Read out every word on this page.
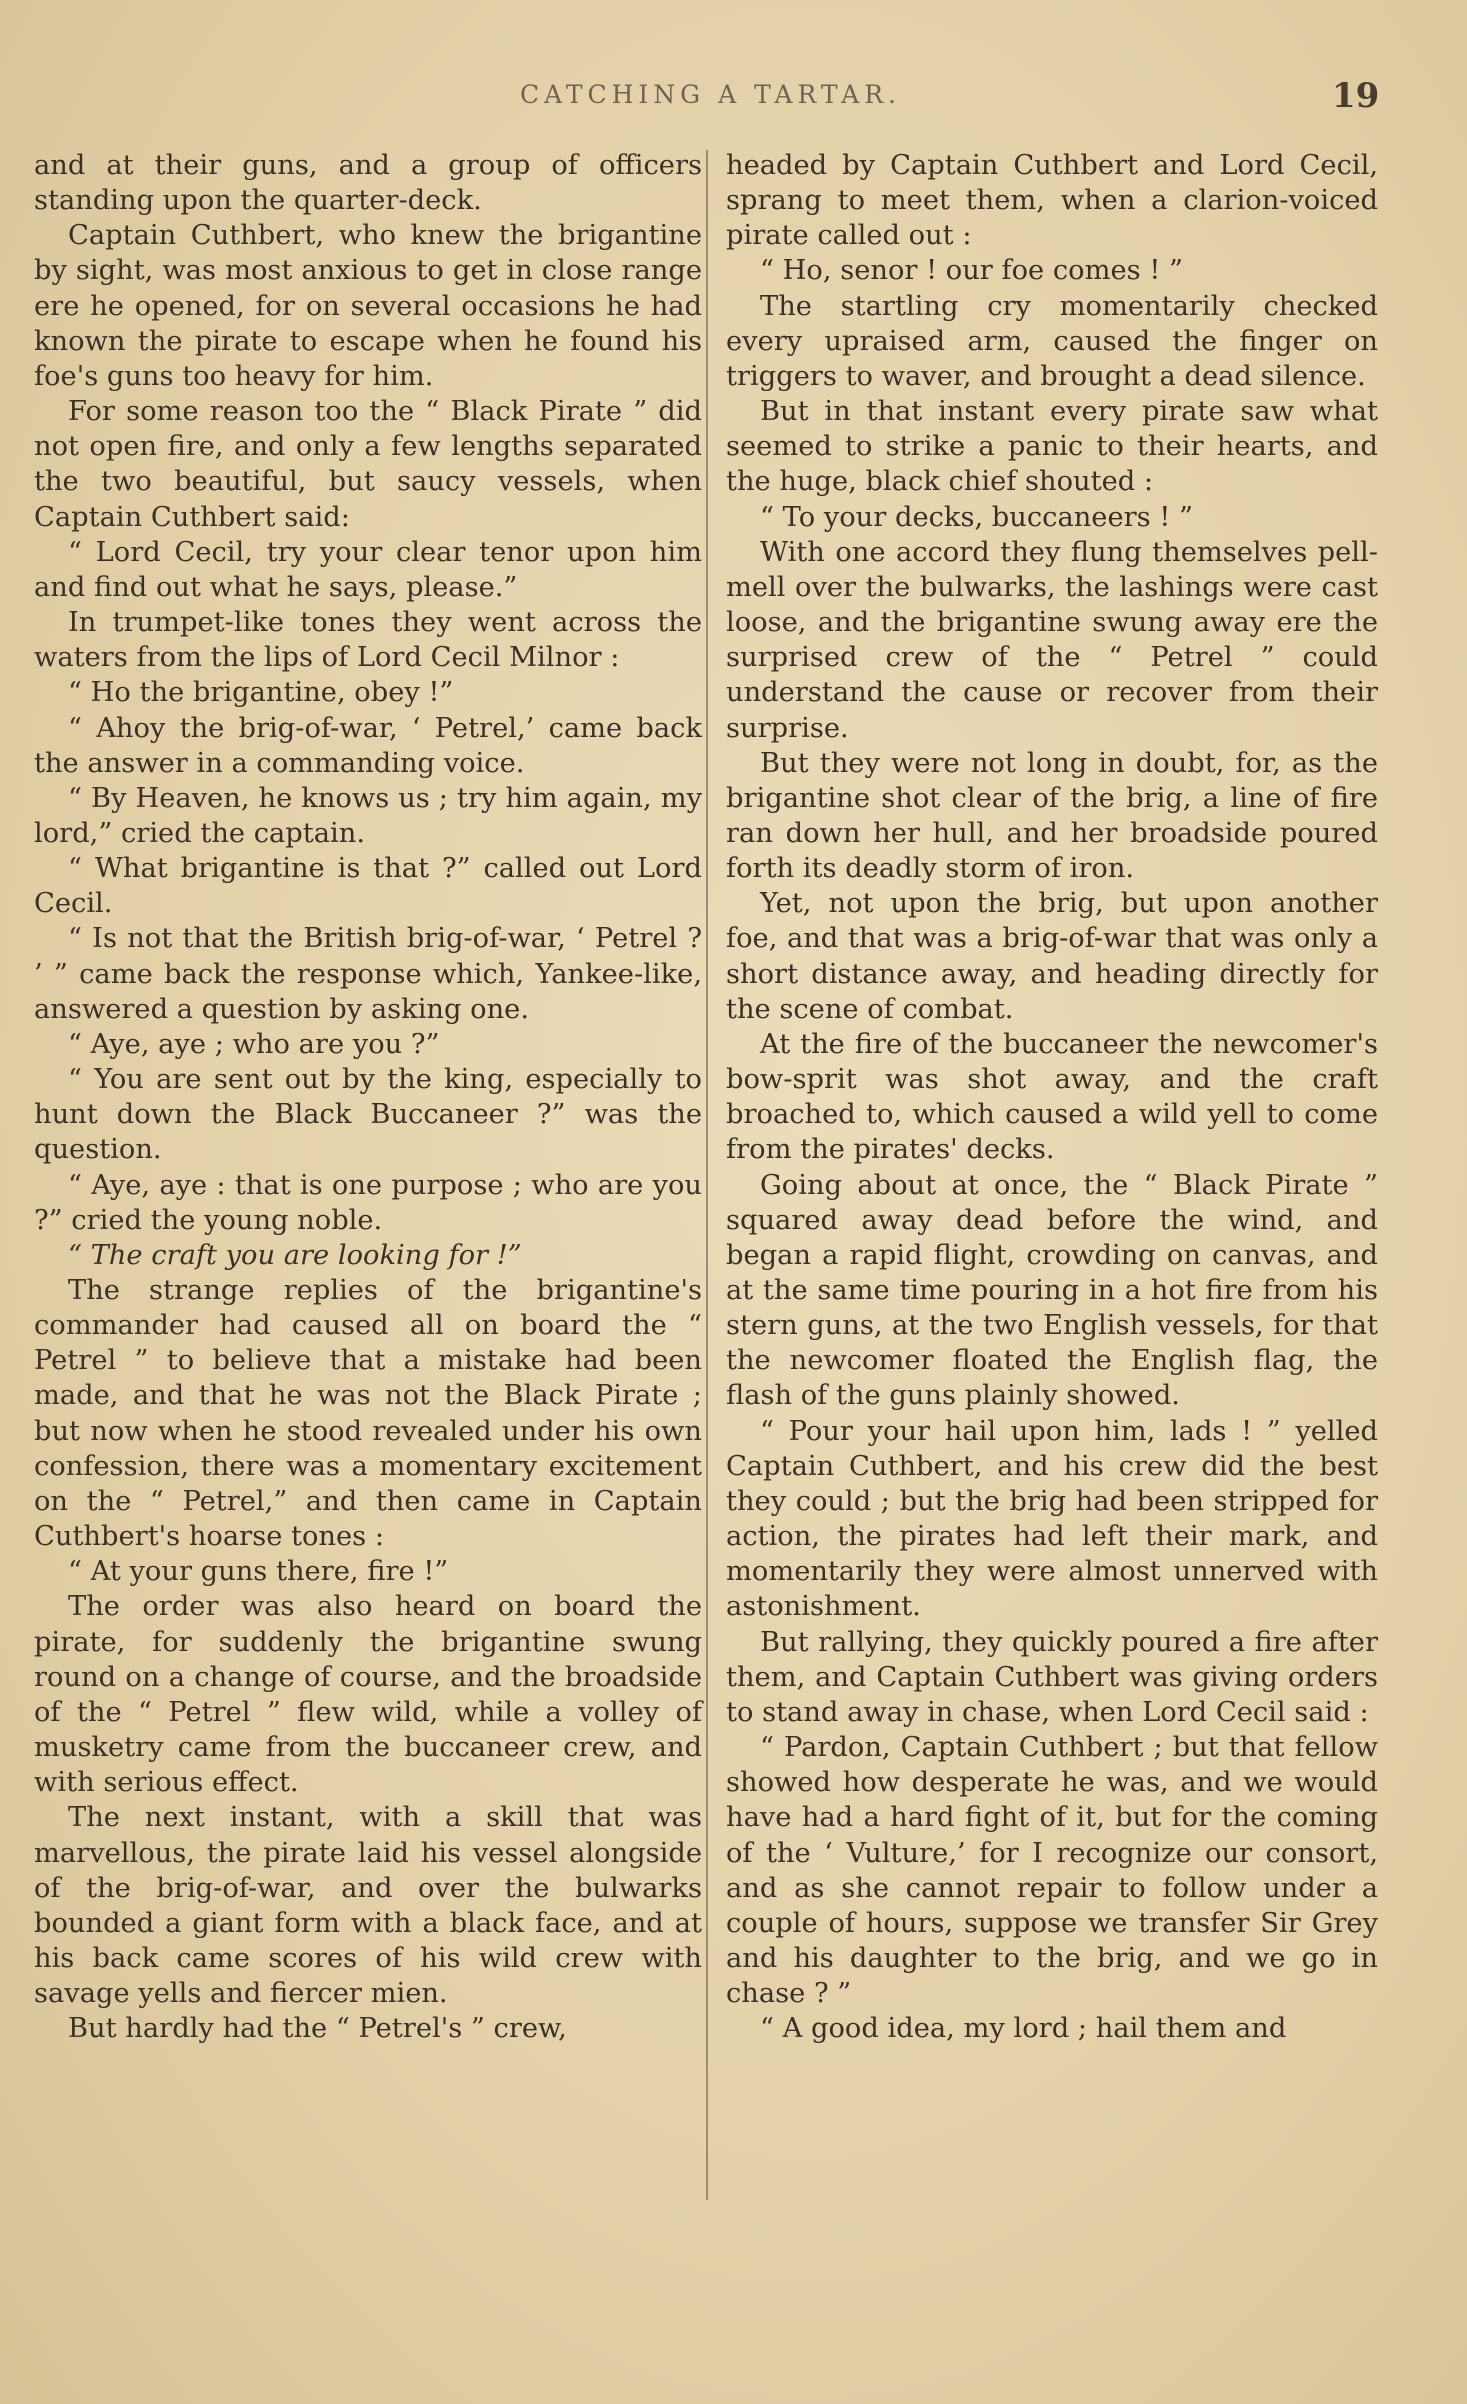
CATCHING A TARTAR.	19

and at their guns, and a group of officers standing upon the quarter-deck.

Captain Cuthbert, who knew the brigantine by sight, was most anxious to get in close range ere he opened, for on several occasions he had known the pirate to escape when he found his foe's guns too heavy for him.

For some reason too the “ Black Pirate ” did not open fire, and only a few lengths separated the two beautiful, but saucy vessels, when Captain Cuthbert said:

“ Lord Cecil, try your clear tenor upon him and find out what he says, please.”

In trumpet-like tones they went across the waters from the lips of Lord Cecil Milnor :

“ Ho the brigantine, obey !”

“ Ahoy the brig-of-war, ‘ Petrel,’ came back the answer in a commanding voice.

“ By Heaven, he knows us ; try him again, my lord,” cried the captain.

“ What brigantine is that ?” called out Lord Cecil.

“ Is not that the British brig-of-war, ‘ Petrel ? ’ ” came back the response which, Yankee-like, answered a question by asking one.

“ Aye, aye ; who are you ?”

“ You are sent out by the king, especially to hunt down the Black Buccaneer ?” was the question.

“ Aye, aye : that is one purpose ; who are you ?” cried the young noble.

“ The craft you are looking for !”

The strange replies of the brigantine's commander had caused all on board the “ Petrel ” to believe that a mistake had been made, and that he was not the Black Pirate ; but now when he stood revealed under his own confession, there was a momentary excitement on the “ Petrel,” and then came in Captain Cuthbert's hoarse tones :

“ At your guns there, fire !”

The order was also heard on board the pirate, for suddenly the brigantine swung round on a change of course, and the broadside of the “ Petrel ” flew wild, while a volley of musketry came from the buccaneer crew, and with serious effect.

The next instant, with a skill that was marvellous, the pirate laid his vessel alongside of the brig-of-war, and over the bulwarks bounded a giant form with a black face, and at his back came scores of his wild crew with savage yells and fiercer mien.

But hardly had the “ Petrel's ” crew,

headed by Captain Cuthbert and Lord Cecil, sprang to meet them, when a clarion-voiced pirate called out :

“ Ho, senor ! our foe comes ! ”

The startling cry momentarily checked every upraised arm, caused the finger on triggers to waver, and brought a dead silence.

But in that instant every pirate saw what seemed to strike a panic to their hearts, and the huge, black chief shouted :

“ To your decks, buccaneers ! ”

With one accord they flung themselves pell-mell over the bulwarks, the lashings were cast loose, and the brigantine swung away ere the surprised crew of the “ Petrel ” could understand the cause or recover from their surprise.

But they were not long in doubt, for, as the brigantine shot clear of the brig, a line of fire ran down her hull, and her broadside poured forth its deadly storm of iron.

Yet, not upon the brig, but upon another foe, and that was a brig-of-war that was only a short distance away, and heading directly for the scene of combat.

At the fire of the buccaneer the newcomer's bow-sprit was shot away, and the craft broached to, which caused a wild yell to come from the pirates' decks.

Going about at once, the “ Black Pirate ” squared away dead before the wind, and began a rapid flight, crowding on canvas, and at the same time pouring in a hot fire from his stern guns, at the two English vessels, for that the newcomer floated the English flag, the flash of the guns plainly showed.

“ Pour your hail upon him, lads ! ” yelled Captain Cuthbert, and his crew did the best they could ; but the brig had been stripped for action, the pirates had left their mark, and momentarily they were almost unnerved with astonishment.

But rallying, they quickly poured a fire after them, and Captain Cuthbert was giving orders to stand away in chase, when Lord Cecil said :

“ Pardon, Captain Cuthbert ; but that fellow showed how desperate he was, and we would have had a hard fight of it, but for the coming of the ‘ Vulture,’ for I recognize our consort, and as she cannot repair to follow under a couple of hours, suppose we transfer Sir Grey and his daughter to the brig, and we go in chase ? ”

“ A good idea, my lord ; hail them and
